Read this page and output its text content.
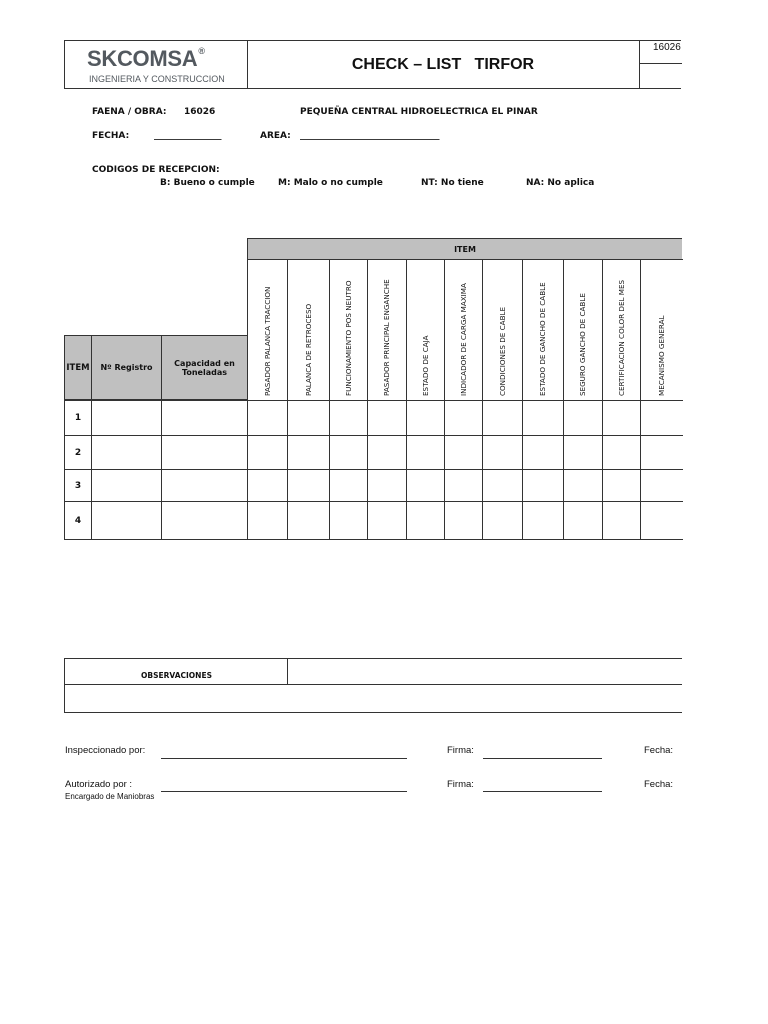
SKCOMSA®
INGENIERIA Y CONSTRUCCION
CHECK – LIST   TIRFOR
16026
FAENA / OBRA: 16026	PEQUEÑA CENTRAL HIDROELECTRICA EL PINAR
FECHA:	_______________	AREA: _______________________________
CODIGOS DE RECEPCION:
B: Bueno o cumple	M: Malo o no cumple	NT: No tiene	NA: No aplica
ITEM
ITEM	Nº Registro	Capacidad en Toneladas	PASADOR PALANCA TRACCION	PALANCA DE RETROCESO	FUNCIONAMIENTO POS NEUTRO	PASADOR PRINCIPAL ENGANCHE	ESTADO DE CAJA	INDICADOR DE CARGA MAXIMA	CONDICIONES DE CABLE	ESTADO DE GANCHO DE CABLE	SEGURO GANCHO DE CABLE	CERTIFICACION COLOR DEL MES	MECANISMO GENERAL
1
2
3
4
OBSERVACIONES
Inspeccionado por:	Firma:	Fecha:
Autorizado por :
Encargado de Maniobras
Firma:	Fecha:
